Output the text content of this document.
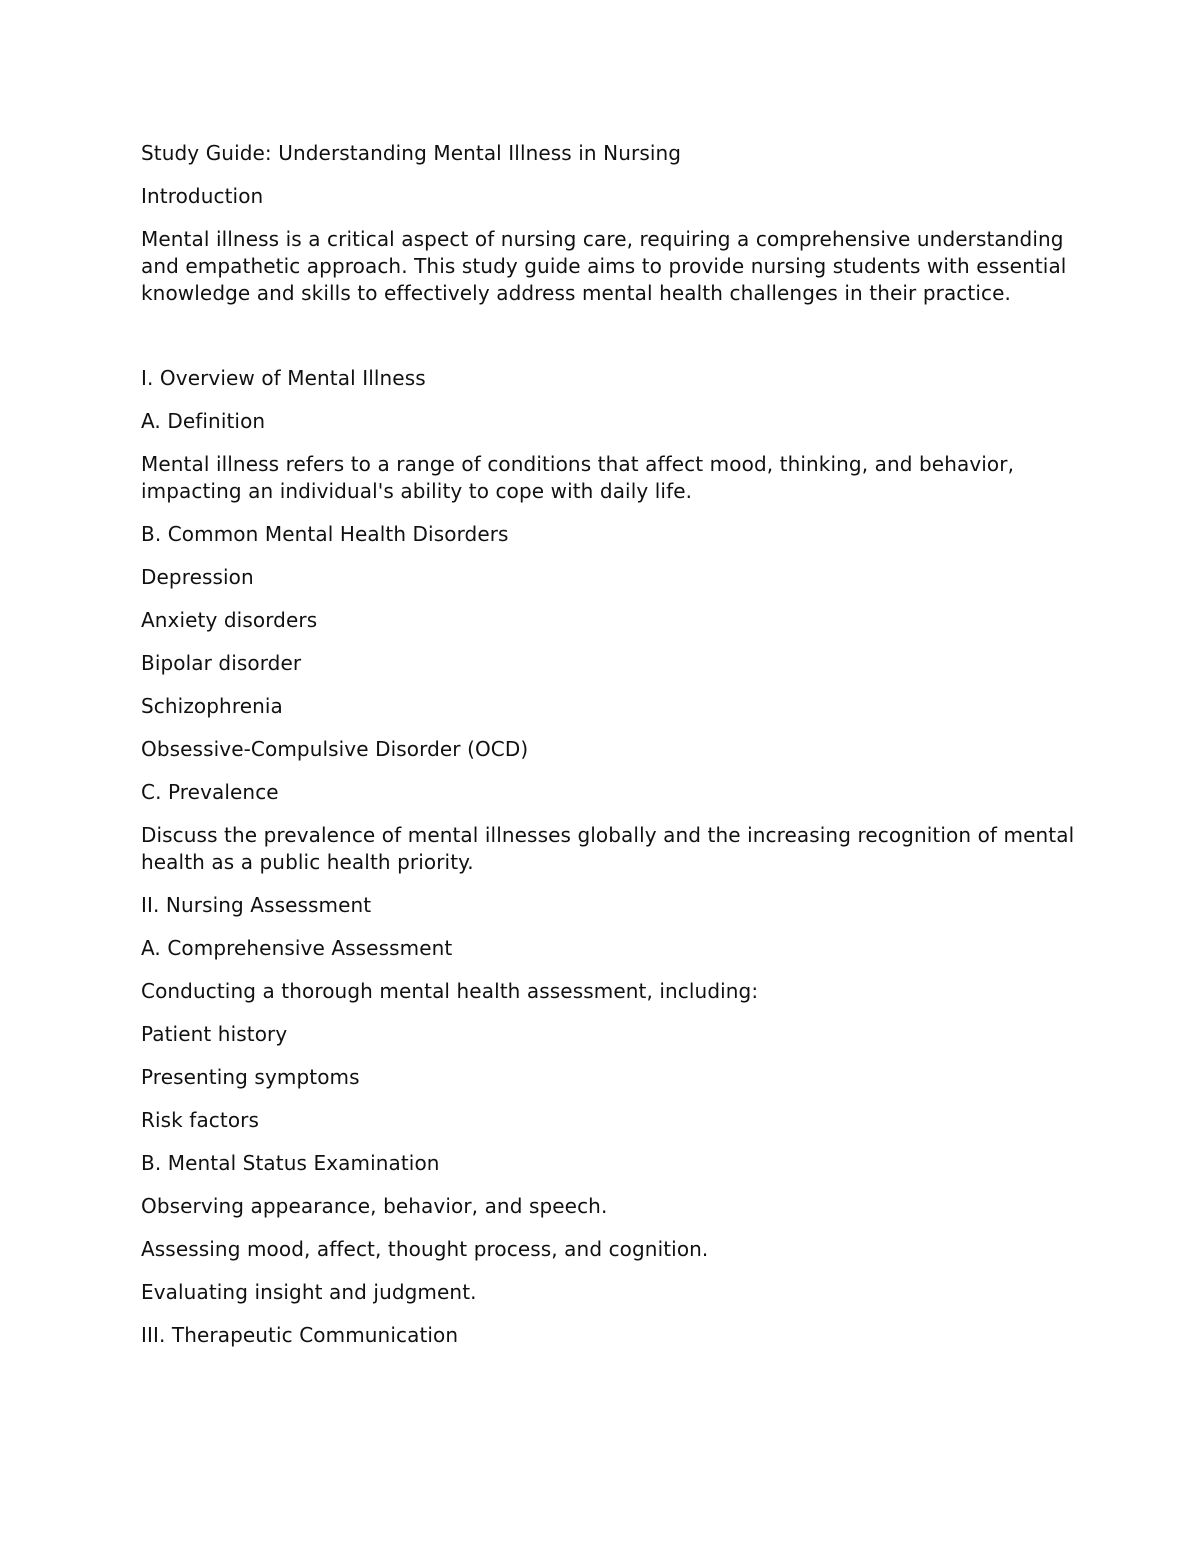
Study Guide: Understanding Mental Illness in Nursing

Introduction

Mental illness is a critical aspect of nursing care, requiring a comprehensive understanding and empathetic approach. This study guide aims to provide nursing students with essential knowledge and skills to effectively address mental health challenges in their practice.

I. Overview of Mental Illness

A. Definition

Mental illness refers to a range of conditions that affect mood, thinking, and behavior, impacting an individual's ability to cope with daily life.

B. Common Mental Health Disorders

Depression

Anxiety disorders

Bipolar disorder

Schizophrenia

Obsessive-Compulsive Disorder (OCD)

C. Prevalence

Discuss the prevalence of mental illnesses globally and the increasing recognition of mental health as a public health priority.

II. Nursing Assessment

A. Comprehensive Assessment

Conducting a thorough mental health assessment, including:

Patient history

Presenting symptoms

Risk factors

B. Mental Status Examination

Observing appearance, behavior, and speech.

Assessing mood, affect, thought process, and cognition.

Evaluating insight and judgment.

III. Therapeutic Communication
